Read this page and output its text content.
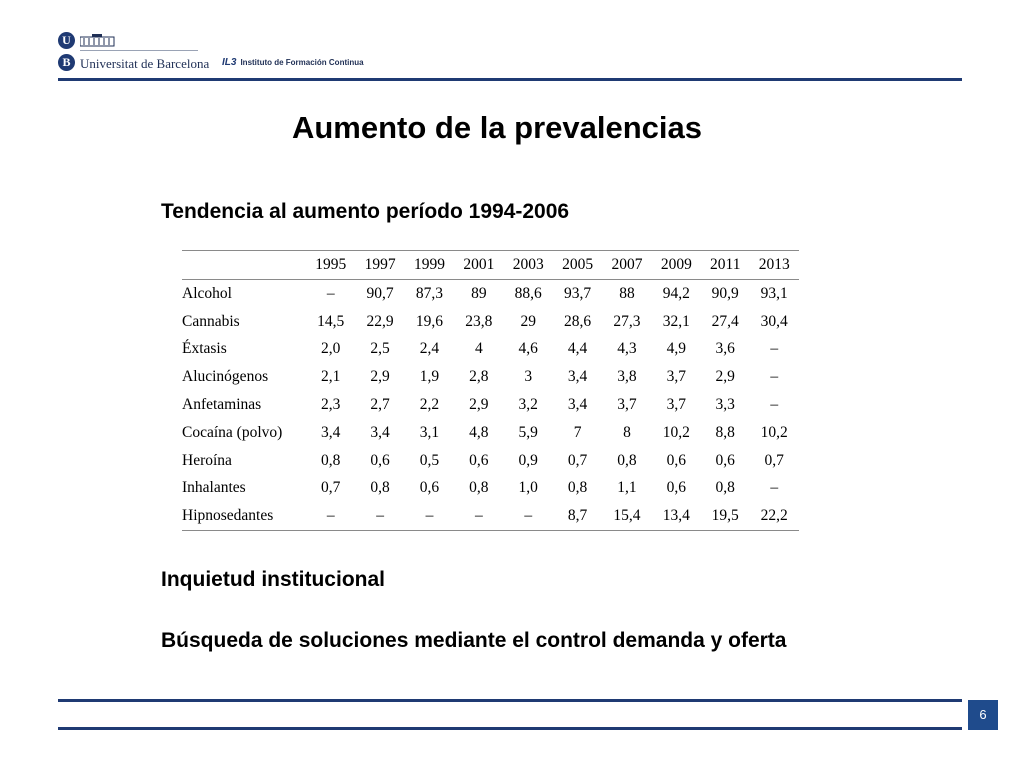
U
B Universitat de Barcelona IL3 Instituto de Formación Continua
Aumento de la prevalencias
Tendencia al aumento período 1994-2006
	1995	1997	1999	2001	2003	2005	2007	2009	2011	2013
Alcohol	–	90,7	87,3	89	88,6	93,7	88	94,2	90,9	93,1
Cannabis	14,5	22,9	19,6	23,8	29	28,6	27,3	32,1	27,4	30,4
Éxtasis	2,0	2,5	2,4	4	4,6	4,4	4,3	4,9	3,6	–
Alucinógenos	2,1	2,9	1,9	2,8	3	3,4	3,8	3,7	2,9	–
Anfetaminas	2,3	2,7	2,2	2,9	3,2	3,4	3,7	3,7	3,3	–
Cocaína (polvo)	3,4	3,4	3,1	4,8	5,9	7	8	10,2	8,8	10,2
Heroína	0,8	0,6	0,5	0,6	0,9	0,7	0,8	0,6	0,6	0,7
Inhalantes	0,7	0,8	0,6	0,8	1,0	0,8	1,1	0,6	0,8	–
Hipnosedantes	–	–	–	–	–	8,7	15,4	13,4	19,5	22,2
Inquietud institucional
Búsqueda de soluciones mediante el control demanda y oferta
6
